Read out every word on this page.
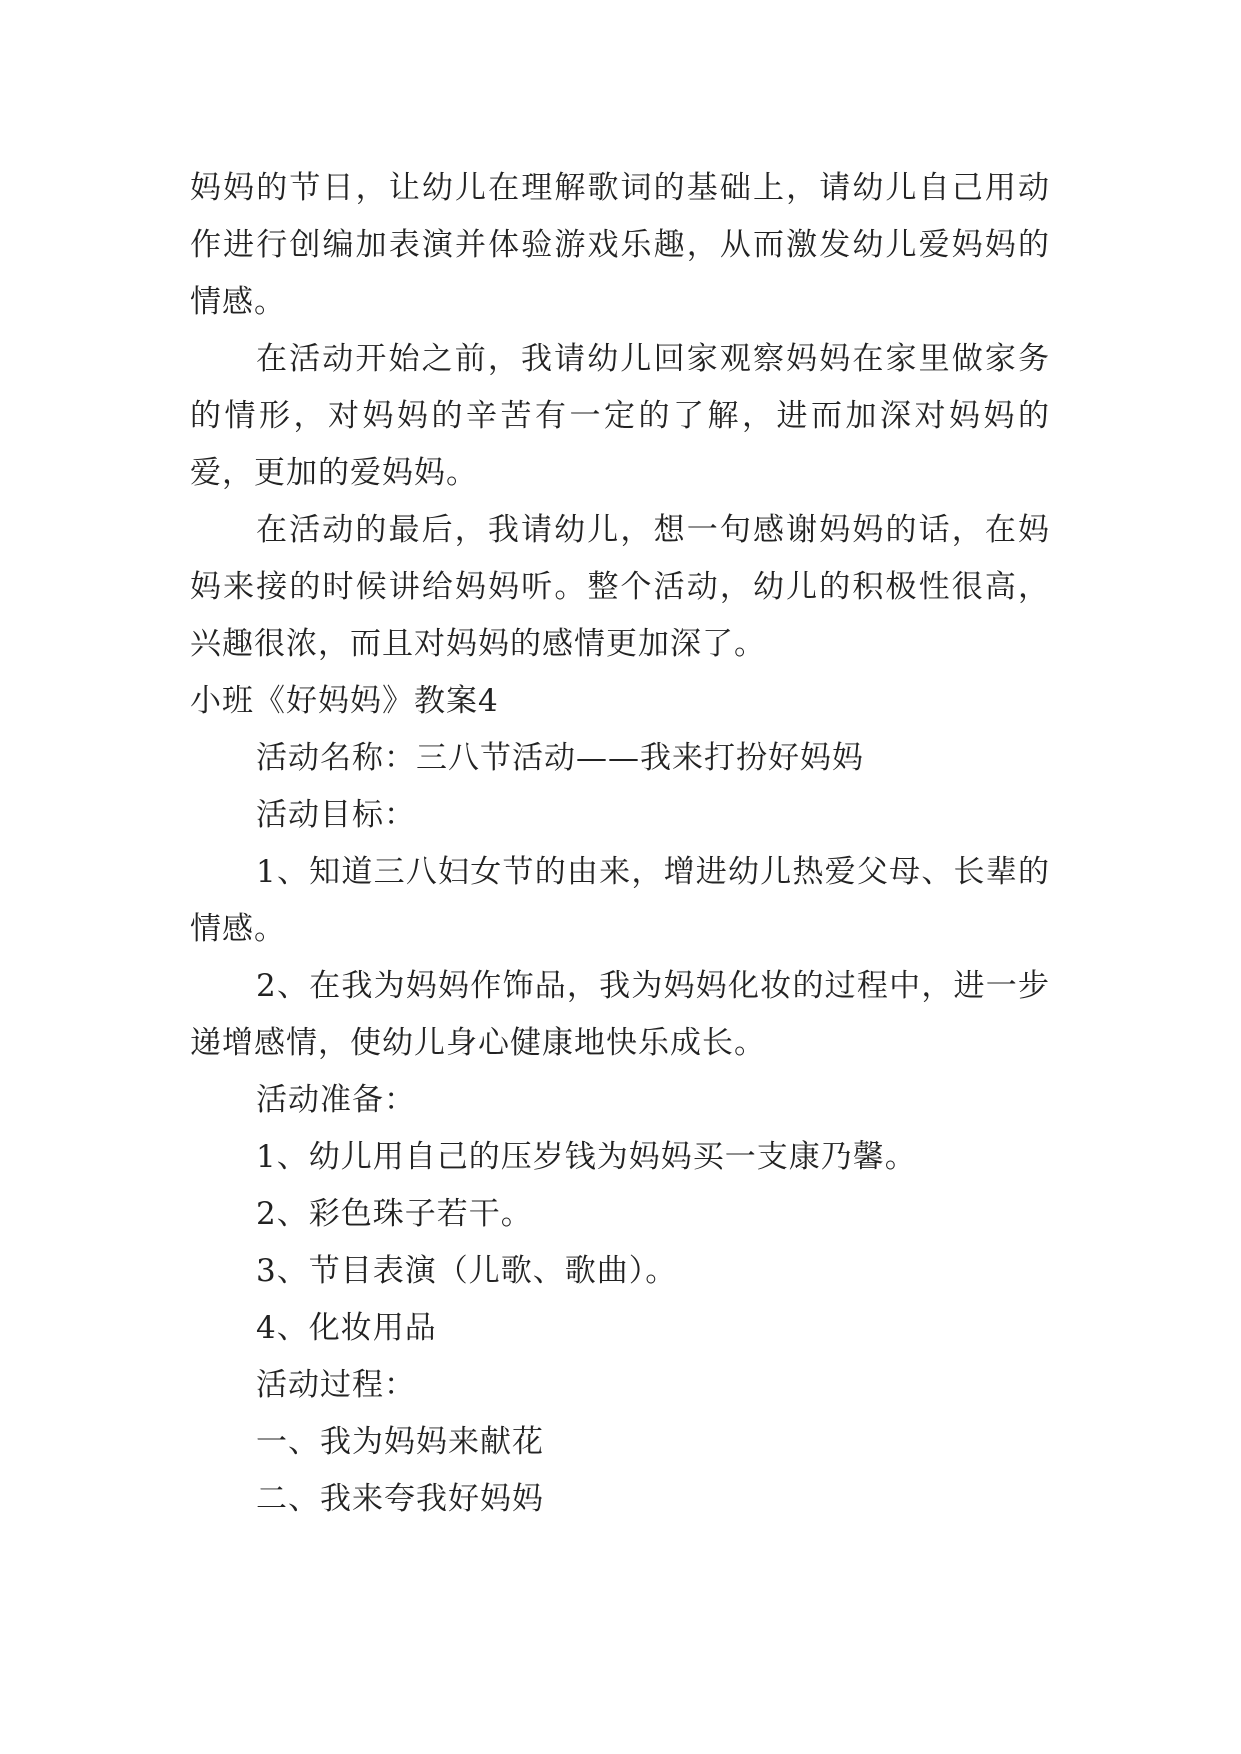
妈妈的节日，让幼儿在理解歌词的基础上，请幼儿自己用动作进行创编加表演并体验游戏乐趣，从而激发幼儿爱妈妈的情感。

在活动开始之前，我请幼儿回家观察妈妈在家里做家务的情形，对妈妈的辛苦有一定的了解，进而加深对妈妈的爱，更加的爱妈妈。

在活动的最后，我请幼儿，想一句感谢妈妈的话，在妈妈来接的时候讲给妈妈听。整个活动，幼儿的积极性很高，兴趣很浓，而且对妈妈的感情更加深了。

小班《好妈妈》教案4

活动名称：三八节活动——我来打扮好妈妈

活动目标：

1、知道三八妇女节的由来，增进幼儿热爱父母、长辈的情感。

2、在我为妈妈作饰品，我为妈妈化妆的过程中，进一步递增感情，使幼儿身心健康地快乐成长。

活动准备：

1、幼儿用自己的压岁钱为妈妈买一支康乃馨。

2、彩色珠子若干。

3、节目表演（儿歌、歌曲）。

4、化妆用品

活动过程：

一、我为妈妈来献花

二、我来夸我好妈妈
